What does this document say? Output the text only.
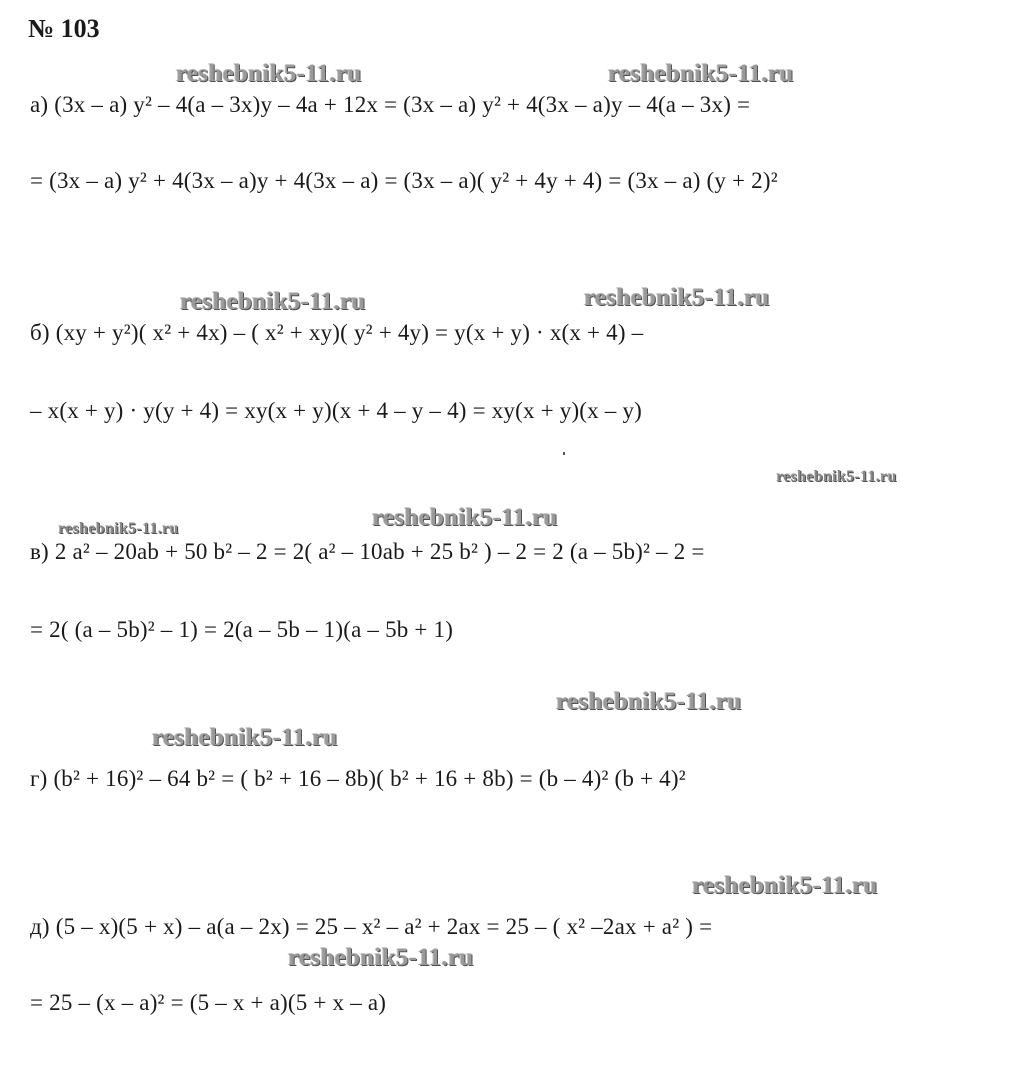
№ 103
reshebnik5-11.ru	reshebnik5-11.ru
а) (3x – a) y² – 4(a – 3x)y – 4a + 12x = (3x – a) y² + 4(3x – a)y – 4(a – 3x) =
= (3x – a) y² + 4(3x – a)y + 4(3x – a) = (3x – a)( y² + 4y + 4) = (3x – a) (y + 2)²
reshebnik5-11.ru	reshebnik5-11.ru
б) (xy + y²)( x² + 4x) – ( x² + xy)( y² + 4y) = y(x + y) · x(x + 4) –
– x(x + y) · y(y + 4) = xy(x + y)(x + 4 – y – 4) = xy(x + y)(x – y)
reshebnik5-11.ru
reshebnik5-11.ru	reshebnik5-11.ru
в) 2 a² – 20ab + 50 b² – 2 = 2( a² – 10ab + 25 b² ) – 2 = 2 (a – 5b)² – 2 =
= 2( (a – 5b)² – 1) = 2(a – 5b – 1)(a – 5b + 1)
reshebnik5-11.ru
reshebnik5-11.ru
г) (b² + 16)² – 64 b² = ( b² + 16 – 8b)( b² + 16 + 8b) = (b – 4)² (b + 4)²
reshebnik5-11.ru
д) (5 – x)(5 + x) – a(a – 2x) = 25 – x² – a² + 2ax = 25 – ( x² –2ax + a² ) =
reshebnik5-11.ru
= 25 – (x – a)² = (5 – x + a)(5 + x – a)
